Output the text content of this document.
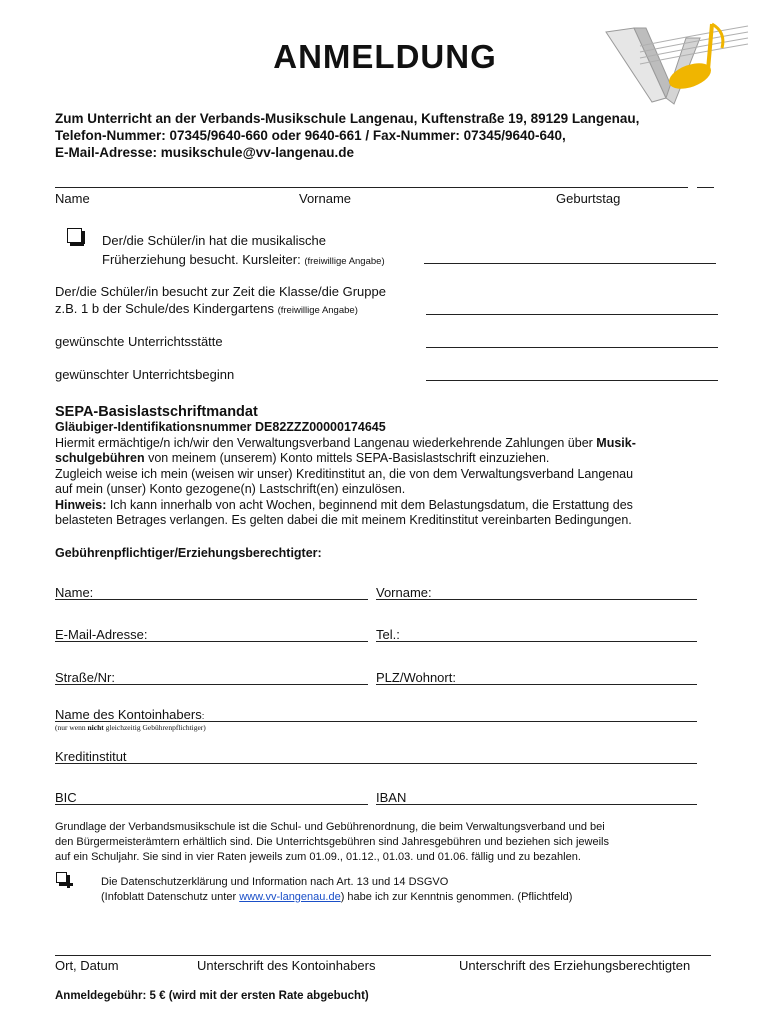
ANMELDUNG
Zum Unterricht an der Verbands-Musikschule Langenau, Kuftenstraße 19, 89129 Langenau,
Telefon-Nummer: 07345/9640-660 oder 9640-661 / Fax-Nummer: 07345/9640-640,
E-Mail-Adresse: musikschule@vv-langenau.de
Name	Vorname	Geburtstag
Der/die Schüler/in hat die musikalische
Früherziehung besucht. Kursleiter: (freiwillige Angabe)
Der/die Schüler/in besucht zur Zeit die Klasse/die Gruppe
z.B. 1 b der Schule/des Kindergartens (freiwillige Angabe)
gewünschte Unterrichtsstätte
gewünschter Unterrichtsbeginn
SEPA-Basislastschriftmandat
Gläubiger-Identifikationsnummer DE82ZZZ00000174645
Hiermit ermächtige/n ich/wir den Verwaltungsverband Langenau wiederkehrende Zahlungen über Musik-
schulgebühren von meinem (unserem) Konto mittels SEPA-Basislastschrift einzuziehen.
Zugleich weise ich mein (weisen wir unser) Kreditinstitut an, die von dem Verwaltungsverband Langenau
auf mein (unser) Konto gezogene(n) Lastschrift(en) einzulösen.
Hinweis: Ich kann innerhalb von acht Wochen, beginnend mit dem Belastungsdatum, die Erstattung des
belasteten Betrages verlangen. Es gelten dabei die mit meinem Kreditinstitut vereinbarten Bedingungen.
Gebührenpflichtiger/Erziehungsberechtigter:
Name:	Vorname:
E-Mail-Adresse:	Tel.:
Straße/Nr:	PLZ/Wohnort:
Name des Kontoinhabers:
(nur wenn nicht gleichzeitig Gebührenpflichtiger)
Kreditinstitut
BIC	IBAN
Grundlage der Verbandsmusikschule ist die Schul- und Gebührenordnung, die beim Verwaltungsverband und bei
den Bürgermeisterämtern erhältlich sind. Die Unterrichtsgebühren sind Jahresgebühren und beziehen sich jeweils
auf ein Schuljahr. Sie sind in vier Raten jeweils zum 01.09., 01.12., 01.03. und 01.06. fällig und zu bezahlen.
Die Datenschutzerklärung und Information nach Art. 13 und 14 DSGVO
(Infoblatt Datenschutz unter www.vv-langenau.de) habe ich zur Kenntnis genommen. (Pflichtfeld)
Ort, Datum	Unterschrift des Kontoinhabers	Unterschrift des Erziehungsberechtigten
Anmeldegebühr: 5 € (wird mit der ersten Rate abgebucht)
